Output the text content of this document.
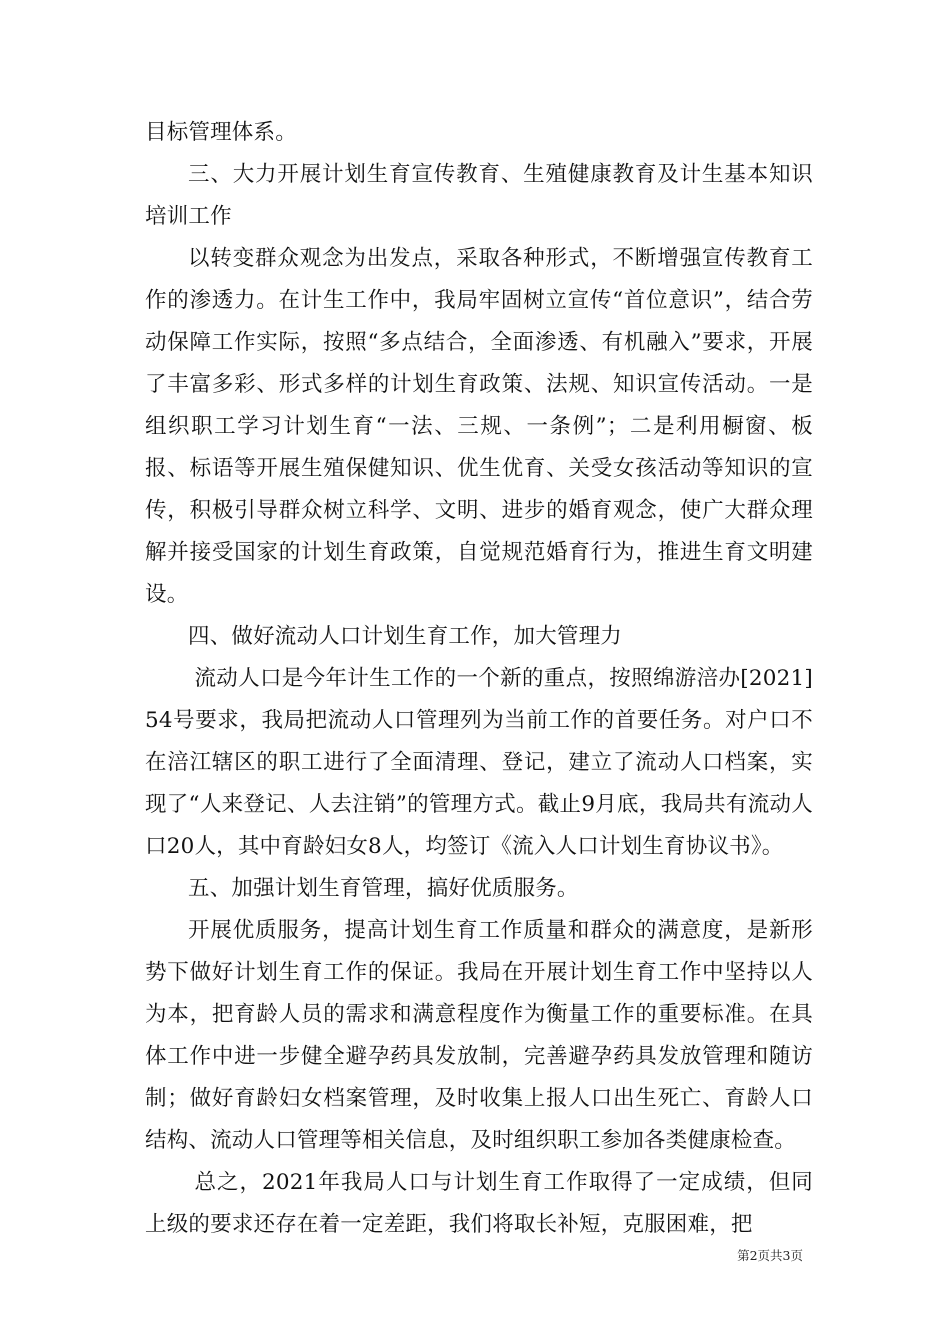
目标管理体系。

三、大力开展计划生育宣传教育、生殖健康教育及计生基本知识培训工作

以转变群众观念为出发点，采取各种形式，不断增强宣传教育工作的渗透力。在计生工作中，我局牢固树立宣传“首位意识”，结合劳动保障工作实际，按照“多点结合，全面渗透、有机融入”要求，开展了丰富多彩、形式多样的计划生育政策、法规、知识宣传活动。一是组织职工学习计划生育“一法、三规、一条例”；二是利用橱窗、板报、标语等开展生殖保健知识、优生优育、关受女孩活动等知识的宣传，积极引导群众树立科学、文明、进步的婚育观念，使广大群众理解并接受国家的计划生育政策，自觉规范婚育行为，推进生育文明建设。

四、做好流动人口计划生育工作，加大管理力

流动人口是今年计生工作的一个新的重点，按照绵游涪办[2021]54号要求，我局把流动人口管理列为当前工作的首要任务。对户口不在涪江辖区的职工进行了全面清理、登记，建立了流动人口档案，实现了“人来登记、人去注销”的管理方式。截止9月底，我局共有流动人口20人，其中育龄妇女8人，均签订《流入人口计划生育协议书》。

五、加强计划生育管理，搞好优质服务。

开展优质服务，提高计划生育工作质量和群众的满意度，是新形势下做好计划生育工作的保证。我局在开展计划生育工作中坚持以人为本，把育龄人员的需求和满意程度作为衡量工作的重要标准。在具体工作中进一步健全避孕药具发放制，完善避孕药具发放管理和随访制；做好育龄妇女档案管理，及时收集上报人口出生死亡、育龄人口结构、流动人口管理等相关信息，及时组织职工参加各类健康检查。

总之，2021年我局人口与计划生育工作取得了一定成绩，但同上级的要求还存在着一定差距，我们将取长补短，克服困难，把

第2页共3页
